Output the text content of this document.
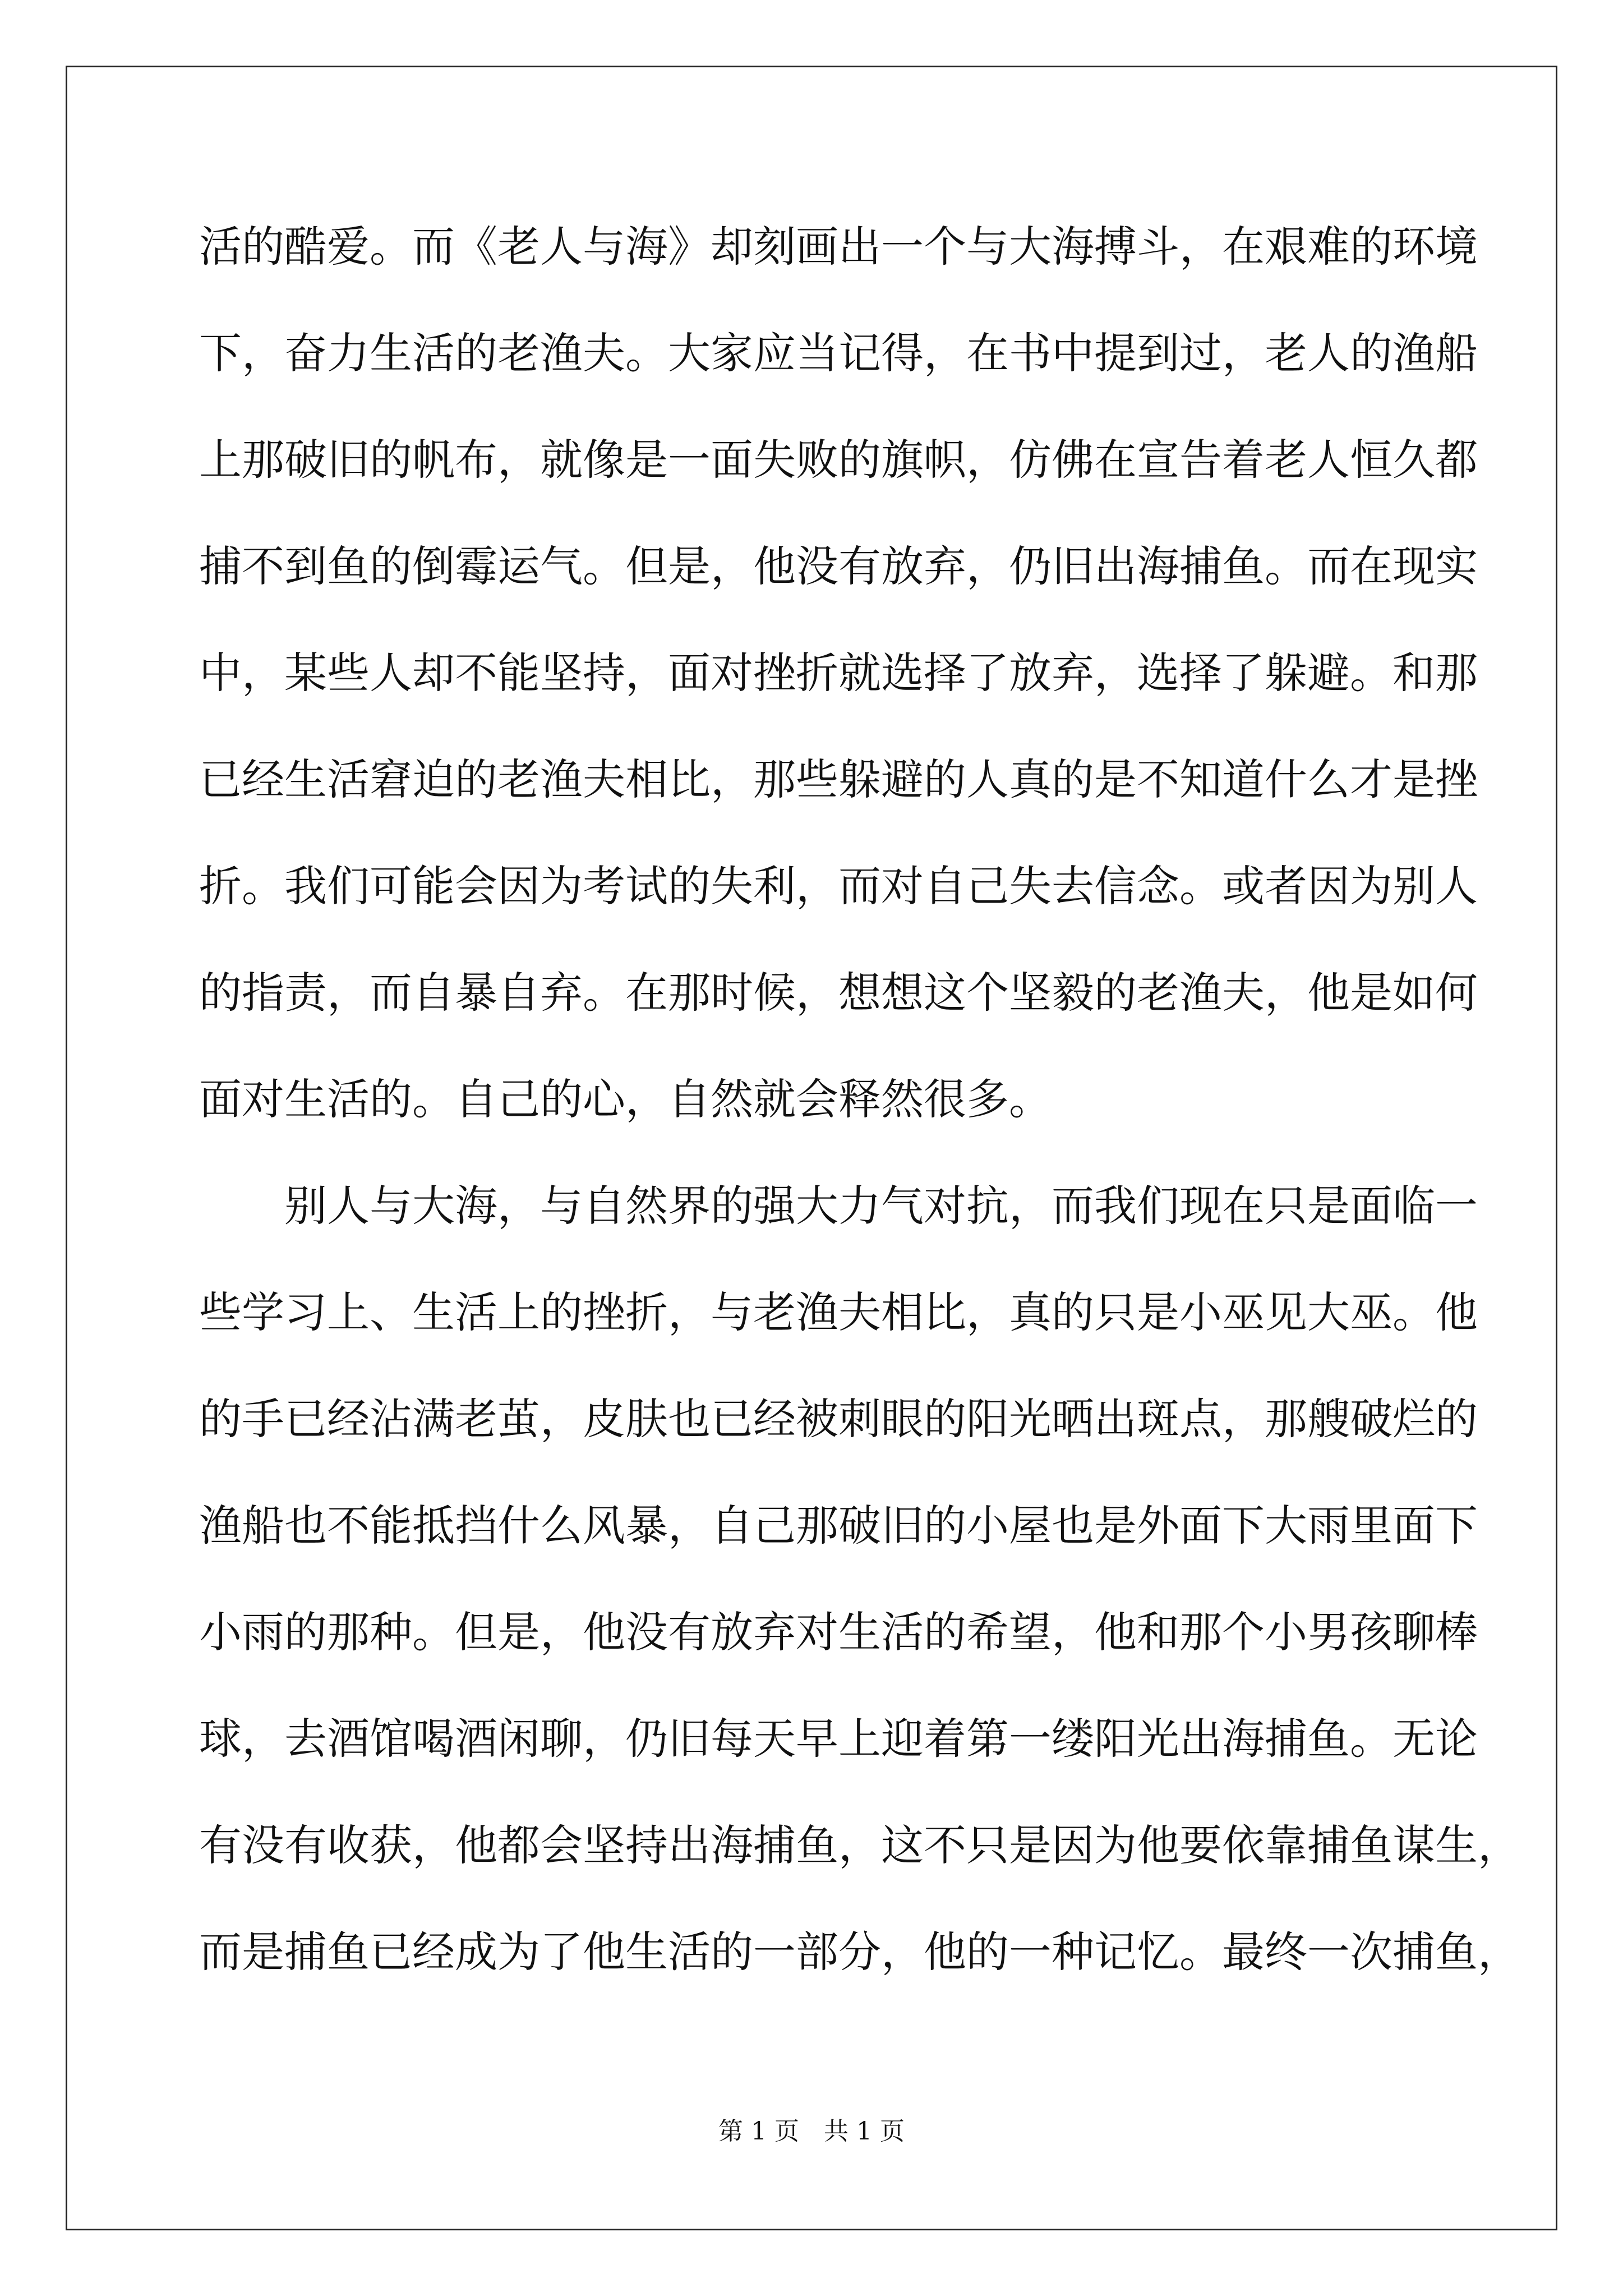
活的酷爱。而《老人与海》却刻画出一个与大海搏斗，在艰难的环境
下，奋力生活的老渔夫。大家应当记得，在书中提到过，老人的渔船
上那破旧的帆布，就像是一面失败的旗帜，仿佛在宣告着老人恒久都
捕不到鱼的倒霉运气。但是，他没有放弃，仍旧出海捕鱼。而在现实
中，某些人却不能坚持，面对挫折就选择了放弃，选择了躲避。和那
已经生活窘迫的老渔夫相比，那些躲避的人真的是不知道什么才是挫
折。我们可能会因为考试的失利，而对自己失去信念。或者因为别人
的指责，而自暴自弃。在那时候，想想这个坚毅的老渔夫，他是如何
面对生活的。自己的心，自然就会释然很多。
　　别人与大海，与自然界的强大力气对抗，而我们现在只是面临一
些学习上、生活上的挫折，与老渔夫相比，真的只是小巫见大巫。他
的手已经沾满老茧，皮肤也已经被刺眼的阳光晒出斑点，那艘破烂的
渔船也不能抵挡什么风暴，自己那破旧的小屋也是外面下大雨里面下
小雨的那种。但是，他没有放弃对生活的希望，他和那个小男孩聊棒
球，去酒馆喝酒闲聊，仍旧每天早上迎着第一缕阳光出海捕鱼。无论
有没有收获，他都会坚持出海捕鱼，这不只是因为他要依靠捕鱼谋生，
而是捕鱼已经成为了他生活的一部分，他的一种记忆。最终一次捕鱼，
第 1 页　共 1 页
